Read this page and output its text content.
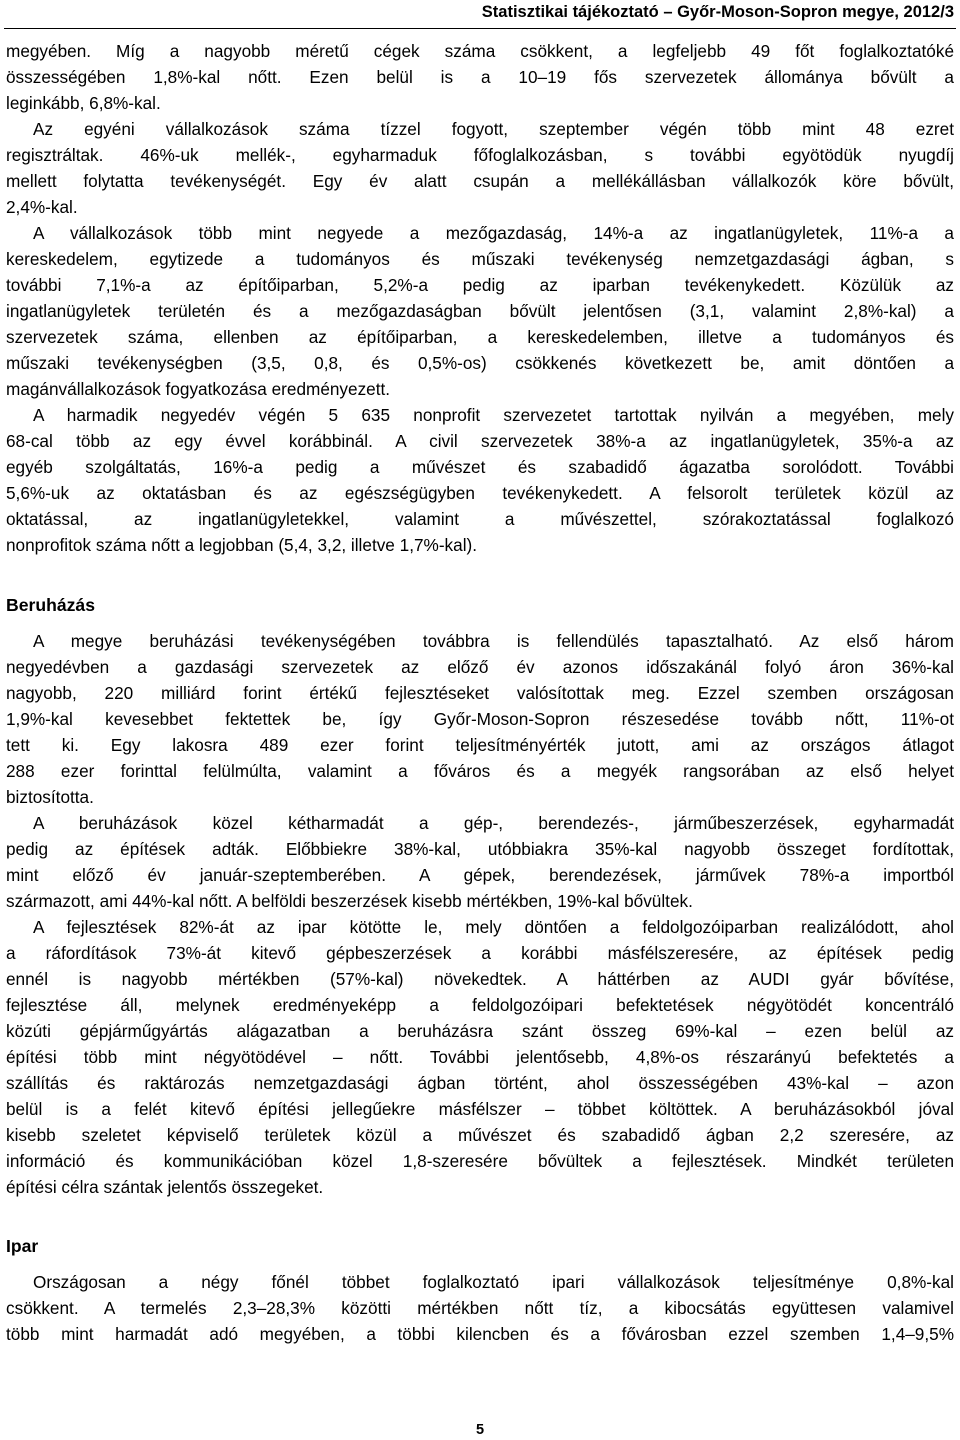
Statisztikai tájékoztató – Győr-Moson-Sopron megye, 2012/3
megyében. Míg a nagyobb méretű cégek száma csökkent, a legfeljebb 49 főt foglalkoztatóké
összességében 1,8%-kal nőtt. Ezen belül is a 10–19 fős szervezetek állománya bővült a
leginkább, 6,8%-kal.
Az egyéni vállalkozások száma tízzel fogyott, szeptember végén több mint 48 ezret
regisztráltak. 46%-uk mellék-, egyharmaduk főfoglalkozásban, s további egyötödük nyugdíj
mellett folytatta tevékenységét. Egy év alatt csupán a mellékállásban vállalkozók köre bővült,
2,4%-kal.
A vállalkozások több mint negyede a mezőgazdaság, 14%-a az ingatlanügyletek, 11%-a a
kereskedelem, egytizede a tudományos és műszaki tevékenység nemzetgazdasági ágban, s
további 7,1%-a az építőiparban, 5,2%-a pedig az iparban tevékenykedett. Közülük az
ingatlanügyletek területén és a mezőgazdaságban bővült jelentősen (3,1, valamint 2,8%-kal) a
szervezetek száma, ellenben az építőiparban, a kereskedelemben, illetve a tudományos és
műszaki tevékenységben (3,5, 0,8, és 0,5%-os) csökkenés következett be, amit döntően a
magánvállalkozások fogyatkozása eredményezett.
A harmadik negyedév végén 5 635 nonprofit szervezetet tartottak nyilván a megyében, mely
68-cal több az egy évvel korábbinál. A civil szervezetek 38%-a az ingatlanügyletek, 35%-a az
egyéb szolgáltatás, 16%-a pedig a művészet és szabadidő ágazatba sorolódott. További
5,6%-uk az oktatásban és az egészségügyben tevékenykedett. A felsorolt területek közül az
oktatással, az ingatlanügyletekkel, valamint a művészettel, szórakoztatással foglalkozó
nonprofitok száma nőtt a legjobban (5,4, 3,2, illetve 1,7%-kal).
Beruházás
A megye beruházási tevékenységében továbbra is fellendülés tapasztalható. Az első három
negyedévben a gazdasági szervezetek az előző év azonos időszakánál folyó áron 36%-kal
nagyobb, 220 milliárd forint értékű fejlesztéseket valósítottak meg. Ezzel szemben országosan
1,9%-kal kevesebbet fektettek be, így Győr-Moson-Sopron részesedése tovább nőtt, 11%-ot
tett ki. Egy lakosra 489 ezer forint teljesítményérték jutott, ami az országos átlagot
288 ezer forinttal felülmúlta, valamint a főváros és a megyék rangsorában az első helyet
biztosította.
A beruházások közel kétharmadát a gép-, berendezés-, járműbeszerzések, egyharmadát
pedig az építések adták. Előbbiekre 38%-kal, utóbbiakra 35%-kal nagyobb összeget fordítottak,
mint előző év január-szeptemberében. A gépek, berendezések, járművek 78%-a importból
származott, ami 44%-kal nőtt. A belföldi beszerzések kisebb mértékben, 19%-kal bővültek.
A fejlesztések 82%-át az ipar kötötte le, mely döntően a feldolgozóiparban realizálódott, ahol
a ráfordítások 73%-át kitevő gépbeszerzések a korábbi másfélszeresére, az építések pedig
ennél is nagyobb mértékben (57%-kal) növekedtek. A háttérben az AUDI gyár bővítése,
fejlesztése áll, melynek eredményeképp a feldolgozóipari befektetések négyötödét koncentráló
közúti gépjárműgyártás alágazatban a beruházásra szánt összeg 69%-kal – ezen belül az
építési több mint négyötödével – nőtt. További jelentősebb, 4,8%-os részarányú befektetés a
szállítás és raktározás nemzetgazdasági ágban történt, ahol összességében 43%-kal – azon
belül is a felét kitevő építési jellegűekre másfélszer – többet költöttek. A beruházásokból jóval
kisebb szeletet képviselő területek közül a művészet és szabadidő ágban 2,2 szeresére, az
információ és kommunikációban közel 1,8-szeresére bővültek a fejlesztések. Mindkét területen
építési célra szántak jelentős összegeket.
Ipar
Országosan a négy főnél többet foglalkoztató ipari vállalkozások teljesítménye 0,8%-kal
csökkent. A termelés 2,3–28,3% közötti mértékben nőtt tíz, a kibocsátás együttesen valamivel
több mint harmadát adó megyében, a többi kilencben és a fővárosban ezzel szemben 1,4–9,5%
5
